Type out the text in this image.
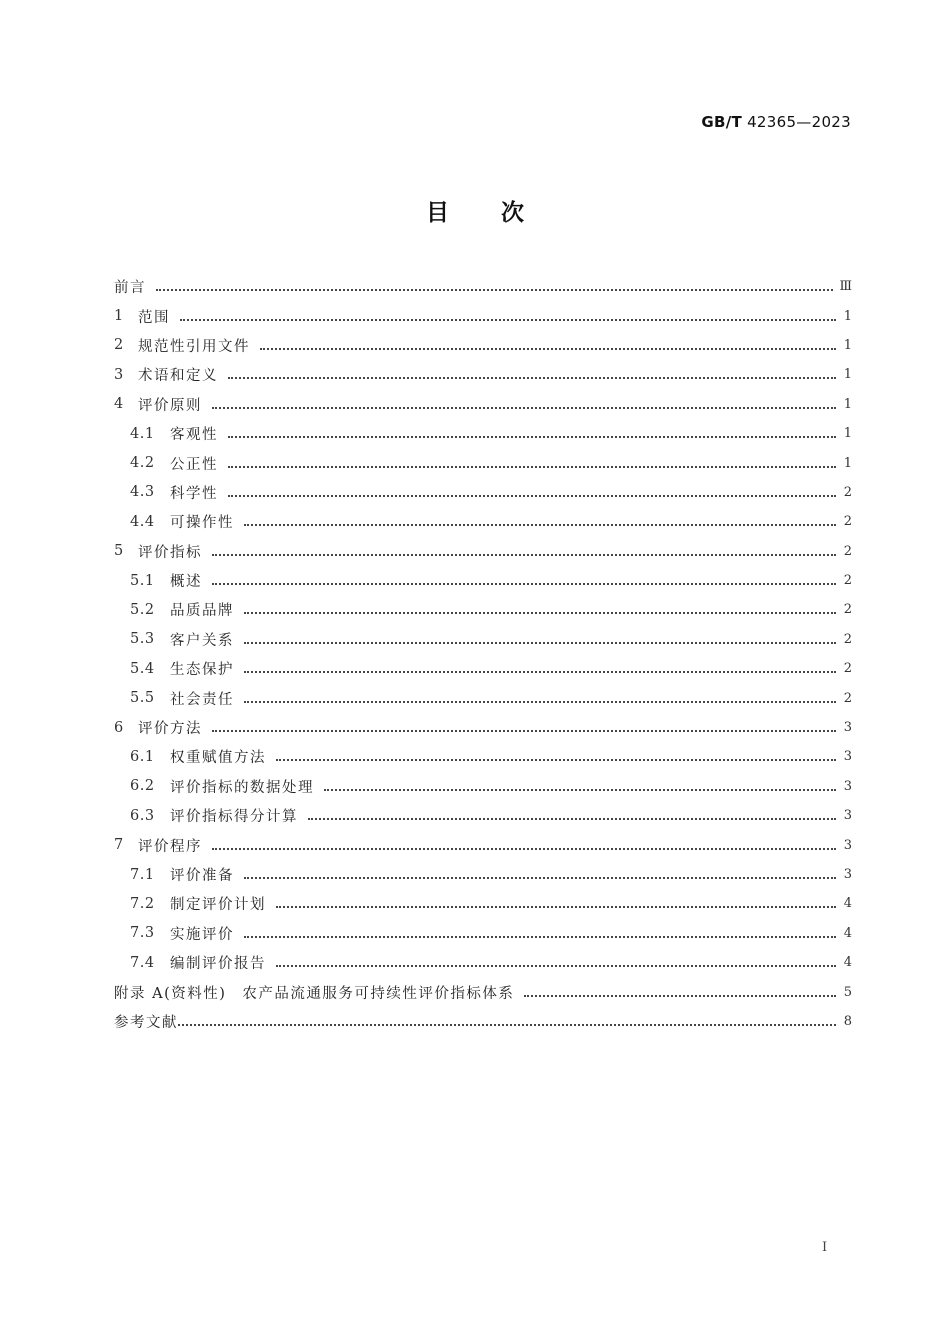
GB/T 42365—2023
目次
前言	Ⅲ
1 范围	1
2 规范性引用文件	1
3 术语和定义	1
4 评价原则	1
4.1	客观性	1
4.2	公正性	1
4.3	科学性	2
4.4	可操作性	2
5 评价指标	2
5.1	概述	2
5.2	品质品牌	2
5.3	客户关系	2
5.4	生态保护	2
5.5	社会责任	2
6 评价方法	3
6.1	权重赋值方法	3
6.2	评价指标的数据处理	3
6.3	评价指标得分计算	3
7 评价程序	3
7.1	评价准备	3
7.2	制定评价计划	4
7.3	实施评价	4
7.4	编制评价报告	4
附录 A(资料性)　农产品流通服务可持续性评价指标体系	5
参考文献	8
Ⅰ
